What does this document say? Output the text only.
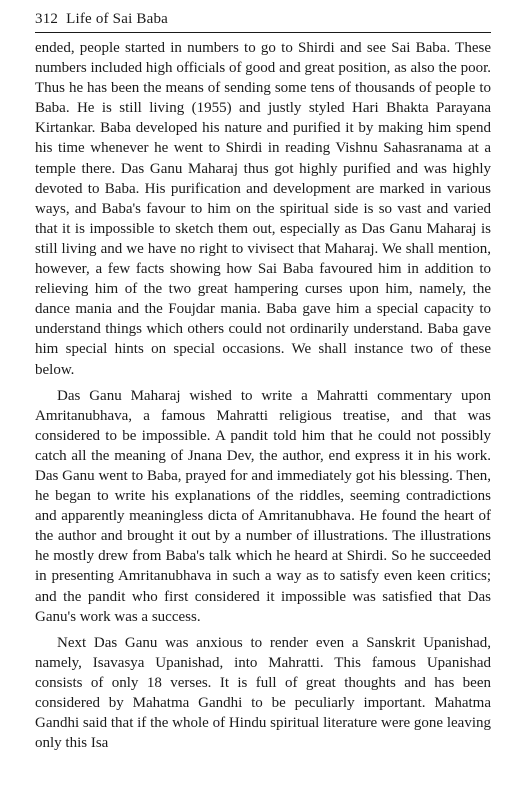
312 Life of Sai Baba

ended, people started in numbers to go to Shirdi and see Sai Baba. These numbers included high officials of good and great position, as also the poor. Thus he has been the means of sending some tens of thousands of people to Baba. He is still living (1955) and justly styled Hari Bhakta Parayana Kirtankar. Baba developed his nature and purified it by making him spend his time whenever he went to Shirdi in reading Vishnu Sahasranama at a temple there. Das Ganu Maharaj thus got highly purified and was highly devoted to Baba. His purification and development are marked in various ways, and Baba's favour to him on the spiritual side is so vast and varied that it is impossible to sketch them out, especially as Das Ganu Maharaj is still living and we have no right to vivisect that Maharaj. We shall mention, however, a few facts showing how Sai Baba favoured him in addition to relieving him of the two great hampering curses upon him, namely, the dance mania and the Foujdar mania. Baba gave him a special capacity to understand things which others could not ordinarily understand. Baba gave him special hints on special occasions. We shall instance two of these below.

Das Ganu Maharaj wished to write a Mahratti commentary upon Amritanubhava, a famous Mahratti religious treatise, and that was considered to be impossible. A pandit told him that he could not possibly catch all the meaning of Jnana Dev, the author, end express it in his work. Das Ganu went to Baba, prayed for and immediately got his blessing. Then, he began to write his explanations of the riddles, seeming contradictions and apparently meaningless dicta of Amritanubhava. He found the heart of the author and brought it out by a number of illustrations. The illustrations he mostly drew from Baba's talk which he heard at Shirdi. So he succeeded in presenting Amritanubhava in such a way as to satisfy even keen critics; and the pandit who first considered it impossible was satisfied that Das Ganu's work was a success.

Next Das Ganu was anxious to render even a Sanskrit Upanishad, namely, Isavasya Upanishad, into Mahratti. This famous Upanishad consists of only 18 verses. It is full of great thoughts and has been considered by Mahatma Gandhi to be peculiarly important. Mahatma Gandhi said that if the whole of Hindu spiritual literature were gone leaving only this Isa
